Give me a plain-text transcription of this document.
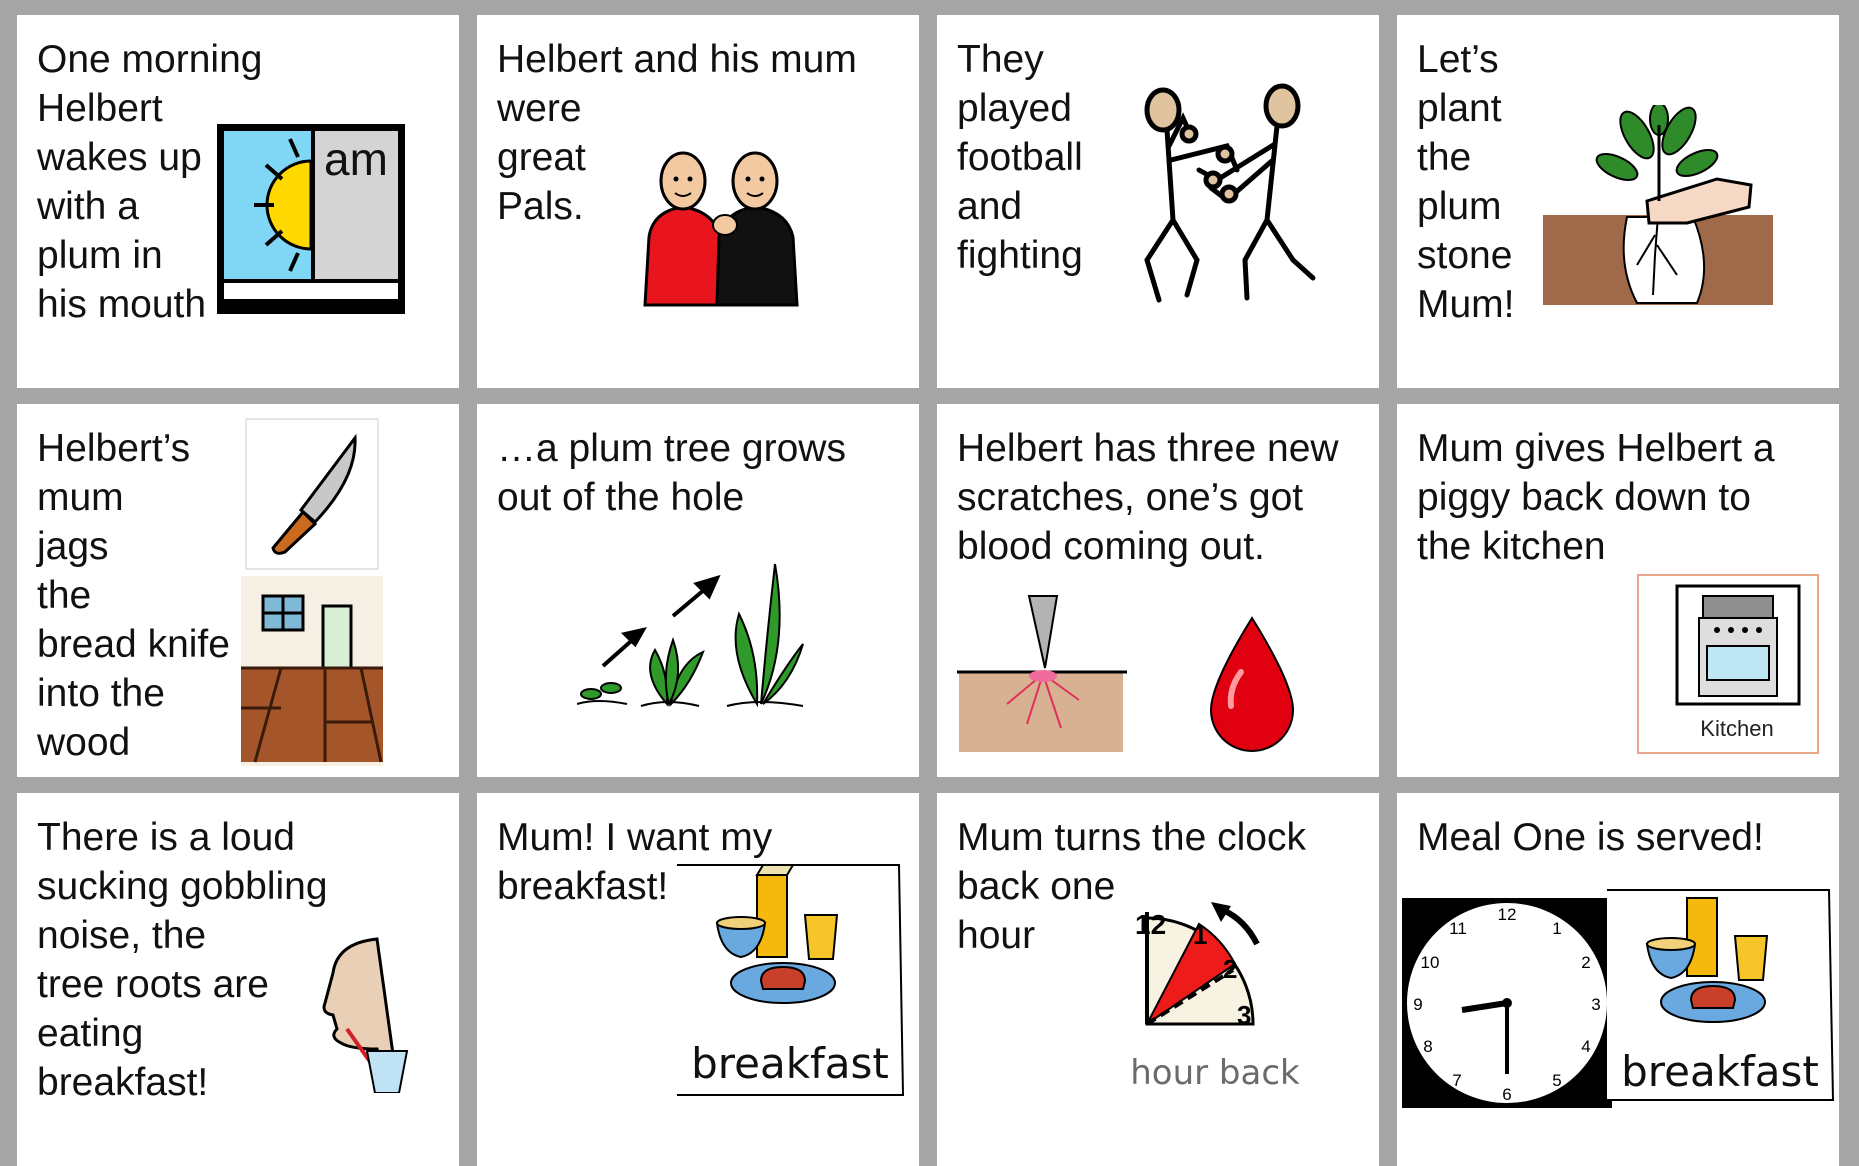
One morning
Helbert
wakes up
with a
plum in
his mouth
am
Helbert and his mum
were
great
Pals.
They
played
football
and
fighting
Let’s
plant
the
plum
stone
Mum!
Helbert’s
mum
jags
the
bread knife
into the
wood
…a plum tree grows
out of the hole
Helbert has three new
scratches, one’s got
blood coming out.
Mum gives Helbert a
piggy back down to
the kitchen
Kitchen
There is a loud
sucking gobbling
noise, the
tree roots are
eating
breakfast!
Mum! I want my
breakfast!
breakfast
Mum turns the clock
back one
hour	12 1
2
3
hour back
Meal One is served!
12
1
2
3
4
5
6
7
8
9
10
11
breakfast
